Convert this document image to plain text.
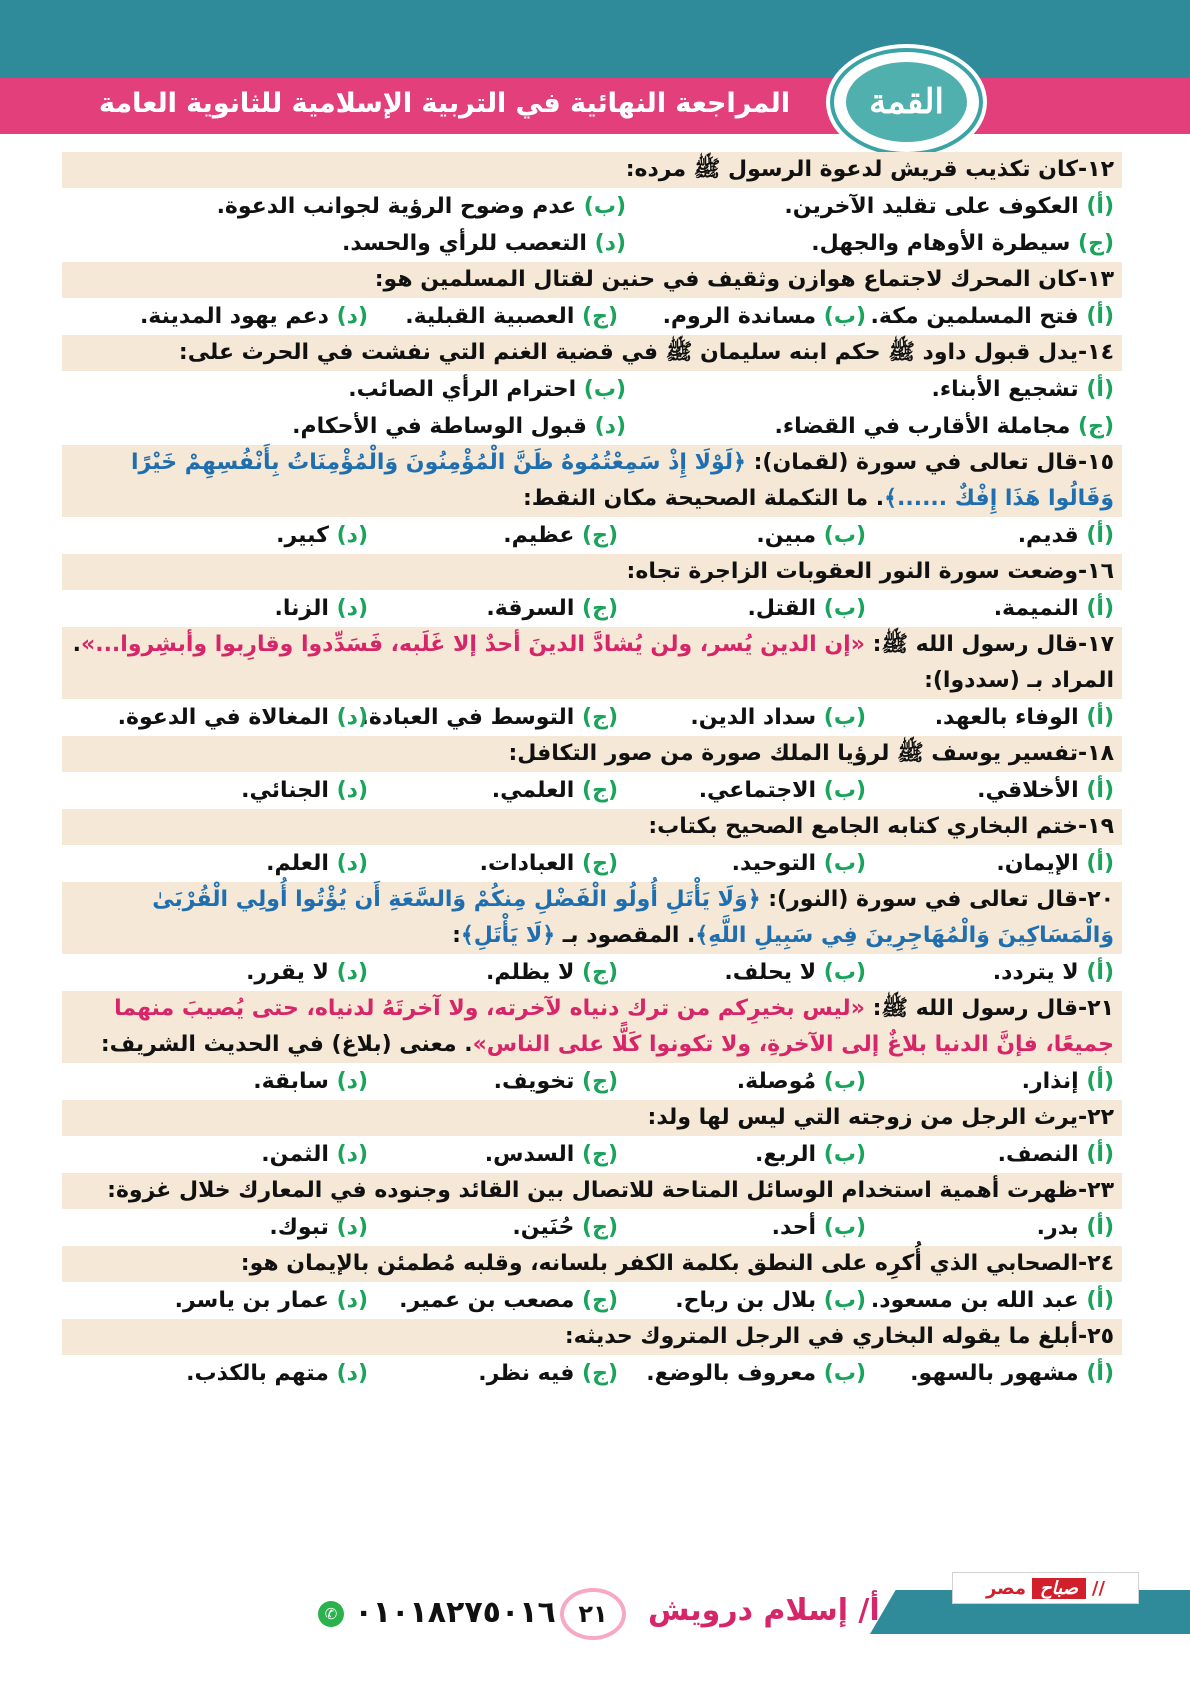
المراجعة النهائية في التربية الإسلامية للثانوية العامة	القمة
١٢-كان تكذيب قريش لدعوة الرسول ﷺ مرده:
(أ) العكوف على تقليد الآخرين.
(ب) عدم وضوح الرؤية لجوانب الدعوة.
(ج) سيطرة الأوهام والجهل.
(د) التعصب للرأي والحسد.
١٣-كان المحرك لاجتماع هوازن وثقيف في حنين لقتال المسلمين هو:
(أ) فتح المسلمين مكة.
(ب) مساندة الروم.
(ج) العصبية القبلية.
(د) دعم يهود المدينة.
١٤-يدل قبول داود ﷺ حكم ابنه سليمان ﷺ في قضية الغنم التي نفشت في الحرث على:
(أ) تشجيع الأبناء.
(ب) احترام الرأي الصائب.
(ج) مجاملة الأقارب في القضاء.
(د) قبول الوساطة في الأحكام.
١٥-قال تعالى في سورة (لقمان): ﴿لَوْلَا إِذْ سَمِعْتُمُوهُ ظَنَّ الْمُؤْمِنُونَ وَالْمُؤْمِنَاتُ بِأَنْفُسِهِمْ خَيْرًا وَقَالُوا هَذَا إِفْكٌ ......﴾. ما التكملة الصحيحة مكان النقط:
(أ) قديم.
(ب) مبين.
(ج) عظيم.
(د) كبير.
١٦-وضعت سورة النور العقوبات الزاجرة تجاه:
(أ) النميمة.
(ب) القتل.
(ج) السرقة.
(د) الزنا.
١٧-قال رسول الله ﷺ: «إن الدين يُسر، ولن يُشادَّ الدينَ أحدٌ إلا غَلَبه، فَسَدِّدوا وقارِبوا وأبشِروا...». المراد بـ (سددوا):
(أ) الوفاء بالعهد.
(ب) سداد الدين.
(ج) التوسط في العبادة.
(د) المغالاة في الدعوة.
١٨-تفسير يوسف ﷺ لرؤيا الملك صورة من صور التكافل:
(أ) الأخلاقي.
(ب) الاجتماعي.
(ج) العلمي.
(د) الجنائي.
١٩-ختم البخاري كتابه الجامع الصحيح بكتاب:
(أ) الإيمان.
(ب) التوحيد.
(ج) العبادات.
(د) العلم.
٢٠-قال تعالى في سورة (النور): ﴿وَلَا يَأْتَلِ أُولُو الْفَضْلِ مِنكُمْ وَالسَّعَةِ أَن يُؤْتُوا أُولِي الْقُرْبَىٰ وَالْمَسَاكِينَ وَالْمُهَاجِرِينَ فِي سَبِيلِ اللَّهِ﴾. المقصود بـ ﴿لَا يَأْتَلِ﴾:
(أ) لا يتردد.
(ب) لا يحلف.
(ج) لا يظلم.
(د) لا يقرر.
٢١-قال رسول الله ﷺ: «ليس بخيرِكم من ترك دنياه لآخرته، ولا آخرتَهُ لدنياه، حتى يُصيبَ منهما جميعًا، فإنَّ الدنيا بلاغٌ إلى الآخرةِ، ولا تكونوا كَلًّا على الناس». معنى (بلاغ) في الحديث الشريف:
(أ) إنذار.
(ب) مُوصلة.
(ج) تخويف.
(د) سابقة.
٢٢-يرث الرجل من زوجته التي ليس لها ولد:
(أ) النصف.
(ب) الربع.
(ج) السدس.
(د) الثمن.
٢٣-ظهرت أهمية استخدام الوسائل المتاحة للاتصال بين القائد وجنوده في المعارك خلال غزوة:
(أ) بدر.
(ب) أحد.
(ج) حُنَين.
(د) تبوك.
٢٤-الصحابي الذي أُكرِه على النطق بكلمة الكفر بلسانه، وقلبه مُطمئن بالإيمان هو:
(أ) عبد الله بن مسعود.
(ب) بلال بن رباح.
(ج) مصعب بن عمير.
(د) عمار بن ياسر.
٢٥-أبلغ ما يقوله البخاري في الرجل المتروك حديثه:
(أ) مشهور بالسهو.
(ب) معروف بالوضع.
(ج) فيه نظر.
(د) متهم بالكذب.
//
صباح
مصر
أ/ إسلام درويش
٢١
✆ ٠١٠١٨٢٧٥٠١٦
